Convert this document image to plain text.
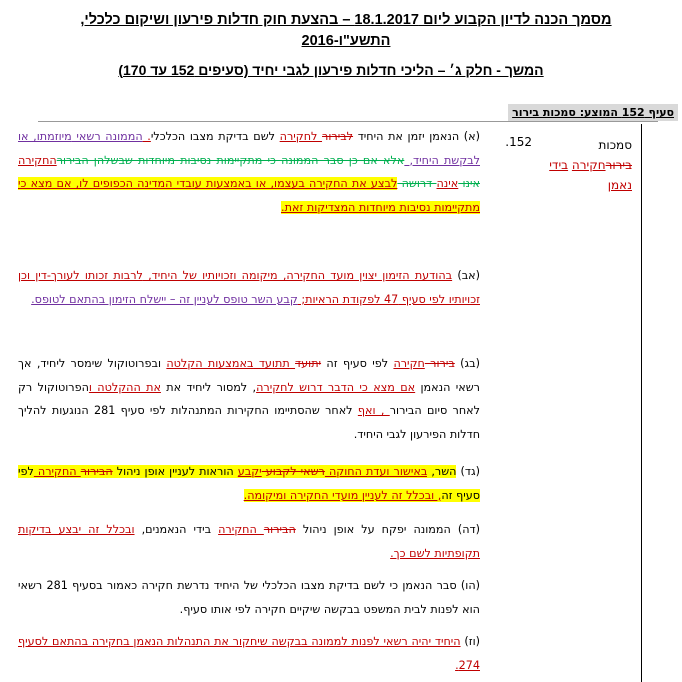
מסמך הכנה לדיון הקבוע ליום 18.1.2017 – בהצעת חוק חדלות פירעון ושיקום כלכלי,
התשע"ו-2016
המשך - חלק ג׳ – הליכי חדלות פירעון לגבי יחיד (סעיפים 152 עד 170)
סעיף 152 המוצע: סמכות בירור
סמכות בירורחקירה בידי נאמן
152.
(א) הנאמן יזמן את היחיד לבירור לחקירה לשם בדיקת מצבו הכלכלי. הממונה רשאי מיוזמתו, או לבקשת היחיד, אלא אם כן סבר הממונה כי מתקיימות נסיבות מיוחדות שבשלהן הבירורהחקירה אינו אינה דרושה לבצע את החקירה בעצמו, או באמצעות עובדי המדינה הכפופים לו, אם מצא כי מתקיימות נסיבות מיוחדות המצדיקות זאת.
(אב) בהודעת הזימון יצוין מועד החקירה, מיקומה וזכויותיו של היחיד, לרבות זכותו לעורך-דין וכן זכויותיו לפי סעיף 47 לפקודת הראיות; קבע השר טופס לעניין זה – יישלח הזימון בהתאם לטופס.
(בג) בירור חקירה לפי סעיף זה יתועד תתועד באמצעות הקלטה ובפרוטוקול שימסר ליחיד, אך רשאי הנאמן אם מצא כי הדבר דרוש לחקירה, למסור ליחיד את את ההקלטה והפרוטוקול רק לאחר סיום הבירור , ואף לאחר שהסתיימו החקירות המתנהלות לפי סעיף 281 הנוגעות להליך חדלות הפירעון לגבי היחיד.
(גד) השר, באישור ועדת החוקה רשאי לקבוע יקבע הוראות לעניין אופן ניהול הבירור החקירה לפי סעיף זה, ובכלל זה לעניין מועדי החקירה ומיקומה.
(דה) הממונה יפקח על אופן ניהול הבירור החקירה בידי הנאמנים, ובכלל זה יבצע בדיקות תקופתיות לשם כך.
(הו) סבר הנאמן כי לשם בדיקת מצבו הכלכלי של היחיד נדרשת חקירה כאמור בסעיף 281 רשאי הוא לפנות לבית המשפט בבקשה שיקיים חקירה לפי אותו סעיף.
(וז) היחיד יהיה רשאי לפנות לממונה בבקשה שיחקור את התנהלות הנאמן בחקירה בהתאם לסעיף 274.
